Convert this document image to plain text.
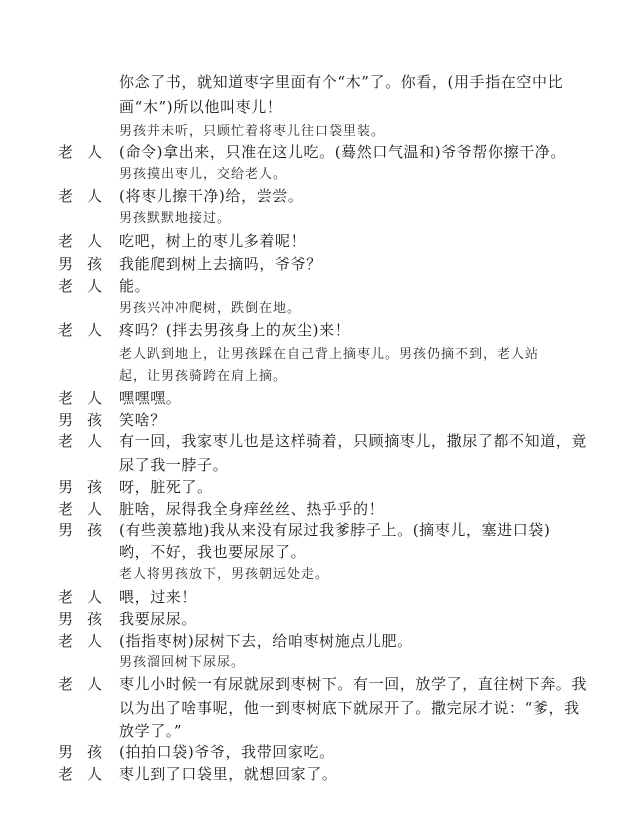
你念了书，就知道枣字里面有个“木”了。你看，(用手指在空中比
画“木”)所以他叫枣儿！
男孩并未听，只顾忙着将枣儿往口袋里装。
老人 (命令)拿出来，只准在这儿吃。(蓦然口气温和)爷爷帮你擦干净。
男孩摸出枣儿，交给老人。
老人 (将枣儿擦干净)给，尝尝。
男孩默默地接过。
老人 吃吧，树上的枣儿多着呢！
男孩 我能爬到树上去摘吗，爷爷？
老人 能。
男孩兴冲冲爬树，跌倒在地。
老人 疼吗？(拌去男孩身上的灰尘)来！
老人趴到地上，让男孩踩在自己背上摘枣儿。男孩仍摘不到，老人站
起，让男孩骑跨在肩上摘。
老人 嘿嘿嘿。
男孩 笑啥？
老人 有一回，我家枣儿也是这样骑着，只顾摘枣儿，撒尿了都不知道，竟
尿了我一脖子。
男孩 呀，脏死了。
老人 脏啥，尿得我全身痒丝丝、热乎乎的！
男孩 (有些羡慕地)我从来没有尿过我爹脖子上。(摘枣儿，塞进口袋)
哟，不好，我也要尿尿了。
老人将男孩放下，男孩朝远处走。
老人 喂，过来！
男孩 我要尿尿。
老人 (指指枣树)尿树下去，给咱枣树施点儿肥。
男孩溜回树下尿尿。
老人 枣儿小时候一有尿就尿到枣树下。有一回，放学了，直往树下奔。我
以为出了啥事呢，他一到枣树底下就尿开了。撒完尿才说：“爹，我
放学了。”
男孩 (拍拍口袋)爷爷，我带回家吃。
老人 枣儿到了口袋里，就想回家了。
